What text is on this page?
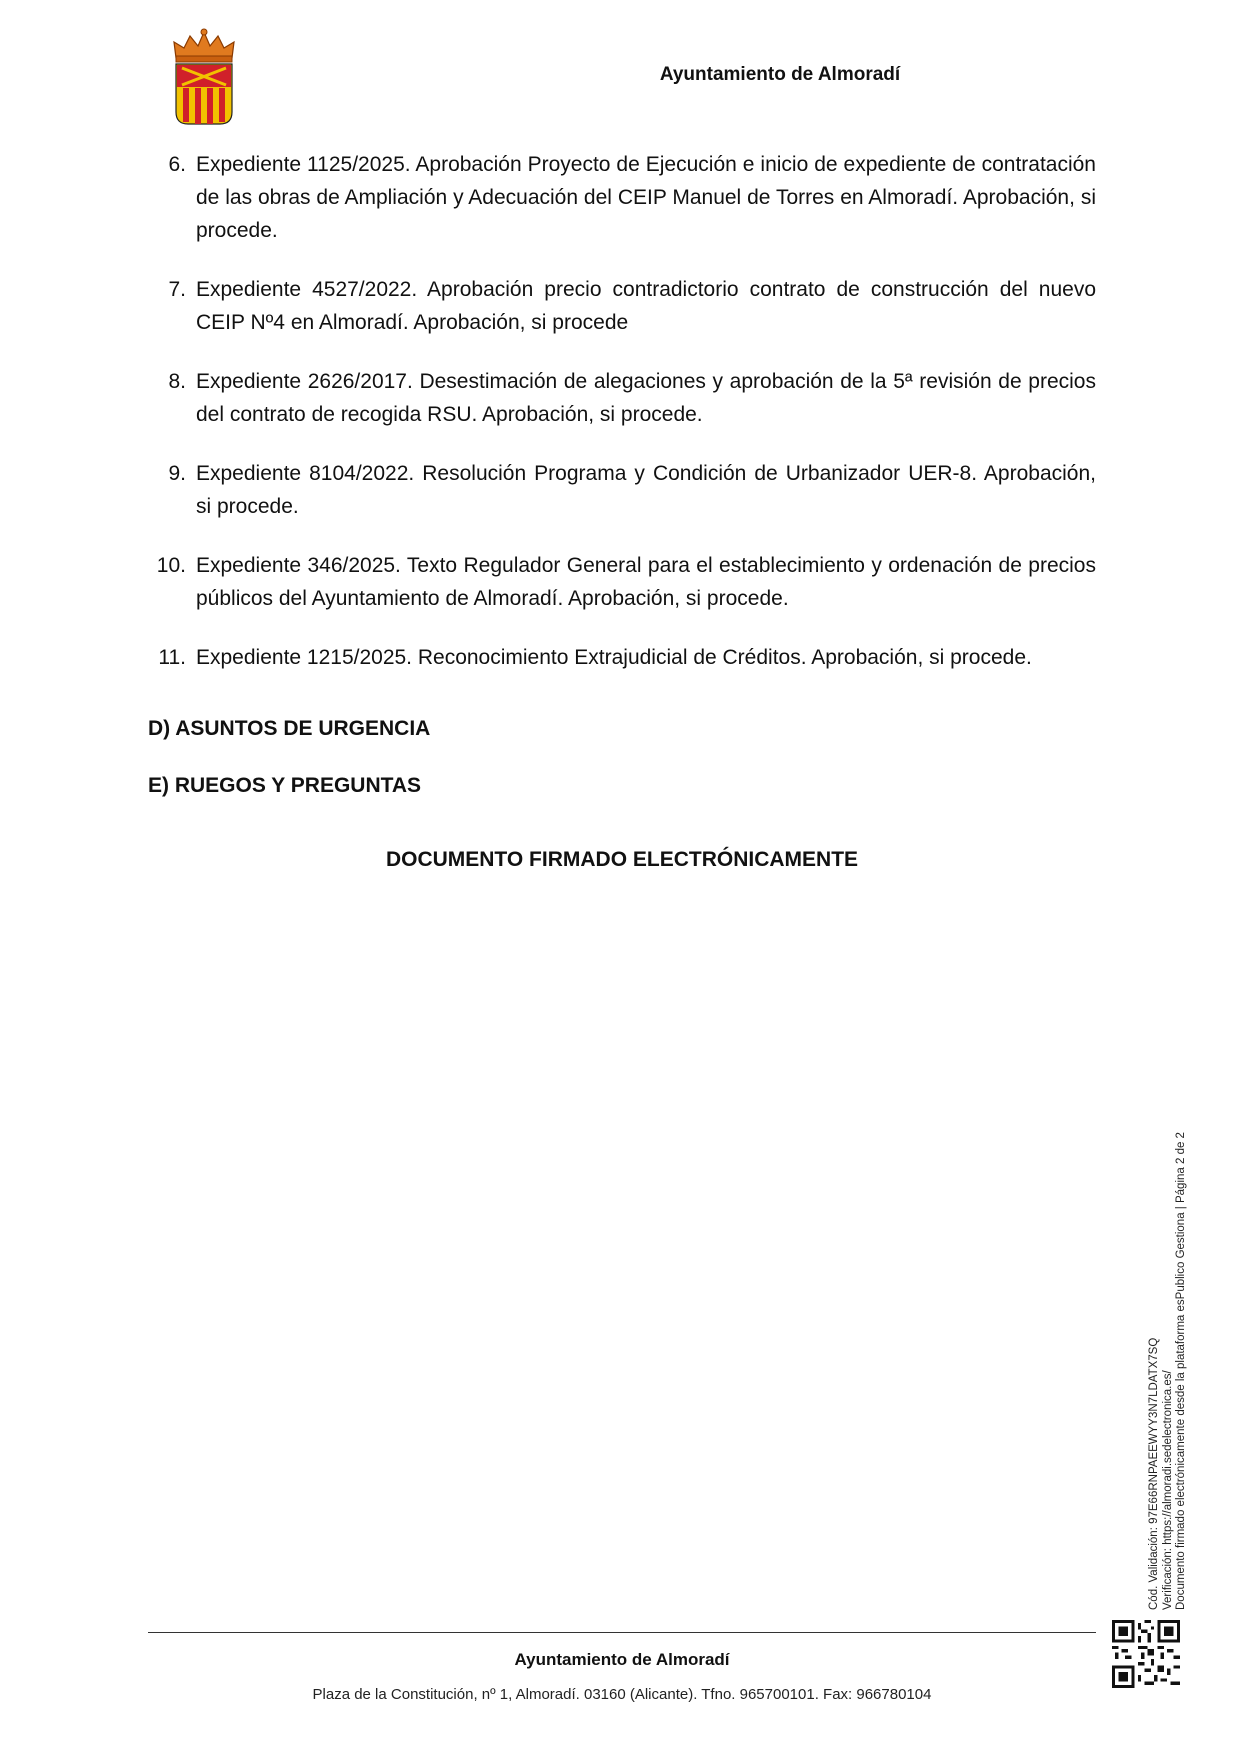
Ayuntamiento de Almoradí
6. Expediente 1125/2025. Aprobación Proyecto de Ejecución e inicio de expediente de contratación de las obras de Ampliación y Adecuación del CEIP Manuel de Torres en Almoradí. Aprobación, si procede.
7. Expediente 4527/2022. Aprobación precio contradictorio contrato de construcción del nuevo CEIP Nº4 en Almoradí. Aprobación, si procede
8. Expediente 2626/2017. Desestimación de alegaciones y aprobación de la 5ª revisión de precios del contrato de recogida RSU. Aprobación, si procede.
9. Expediente 8104/2022. Resolución Programa y Condición de Urbanizador UER-8. Aprobación, si procede.
10. Expediente 346/2025. Texto Regulador General para el establecimiento y ordenación de precios públicos del Ayuntamiento de Almoradí. Aprobación, si procede.
11. Expediente 1215/2025. Reconocimiento Extrajudicial de Créditos. Aprobación, si procede.
D) ASUNTOS DE URGENCIA
E) RUEGOS Y PREGUNTAS
DOCUMENTO FIRMADO ELECTRÓNICAMENTE
Cód. Validación: 97E66RNPAEEWYY3N7LDATX7SQ Verificación: https://almoradi.sedelectronica.es/ Documento firmado electrónicamente desde la plataforma esPublico Gestiona | Página 2 de 2
Ayuntamiento de Almoradí
Plaza de la Constitución, nº 1, Almoradí. 03160 (Alicante). Tfno. 965700101. Fax: 966780104
